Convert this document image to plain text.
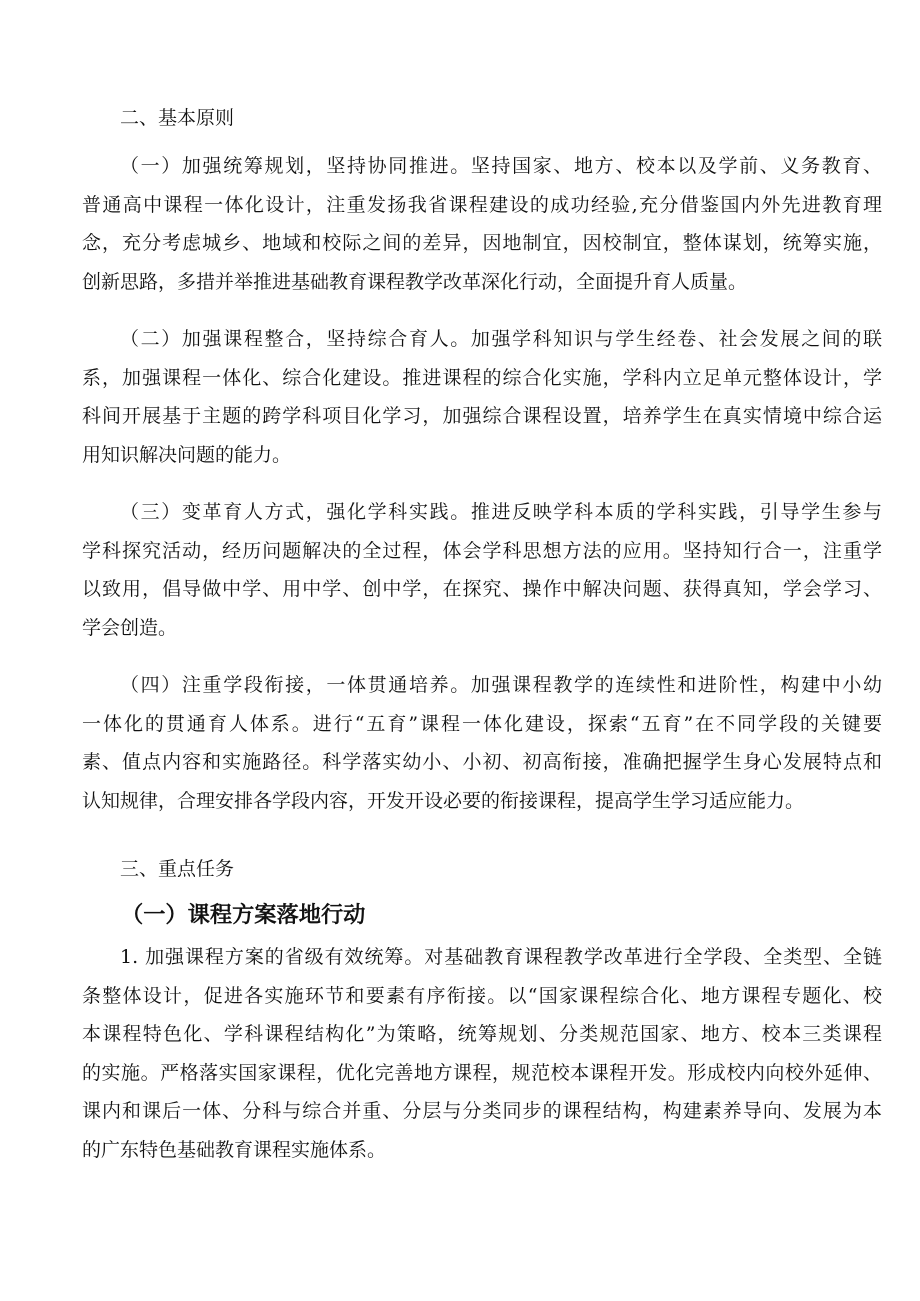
二、基本原则
（一）加强统筹规划，坚持协同推进。坚持国家、地方、校本以及学前、义务教育、
普通高中课程一体化设计，注重发扬我省课程建设的成功经验,充分借鉴国内外先进教育理
念，充分考虑城乡、地域和校际之间的差异，因地制宜，因校制宜，整体谋划，统筹实施，
创新思路，多措并举推进基础教育课程教学改革深化行动，全面提升育人质量。
（二）加强课程整合，坚持综合育人。加强学科知识与学生经卷、社会发展之间的联
系，加强课程一体化、综合化建设。推进课程的综合化实施，学科内立足单元整体设计，学
科间开展基于主题的跨学科项目化学习，加强综合课程设置，培养学生在真实情境中综合运
用知识解决问题的能力。
（三）变革育人方式，强化学科实践。推进反映学科本质的学科实践，引导学生参与
学科探究活动，经历问题解决的全过程，体会学科思想方法的应用。坚持知行合一，注重学
以致用，倡导做中学、用中学、创中学，在探究、操作中解决问题、获得真知，学会学习、
学会创造。
（四）注重学段衔接，一体贯通培养。加强课程教学的连续性和进阶性，构建中小幼
一体化的贯通育人体系。进行“五育”课程一体化建设，探索“五育”在不同学段的关键要
素、值点内容和实施路径。科学落实幼小、小初、初高衔接，准确把握学生身心发展特点和
认知规律，合理安排各学段内容，开发开设必要的衔接课程，提高学生学习适应能力。
三、重点任务
（一）课程方案落地行动
1. 加强课程方案的省级有效统筹。对基础教育课程教学改革进行全学段、全类型、全链
条整体设计，促进各实施环节和要素有序衔接。以“国家课程综合化、地方课程专题化、校
本课程特色化、学科课程结构化”为策略，统筹规划、分类规范国家、地方、校本三类课程
的实施。严格落实国家课程，优化完善地方课程，规范校本课程开发。形成校内向校外延伸、
课内和课后一体、分科与综合并重、分层与分类同步的课程结构，构建素养导向、发展为本
的广东特色基础教育课程实施体系。
